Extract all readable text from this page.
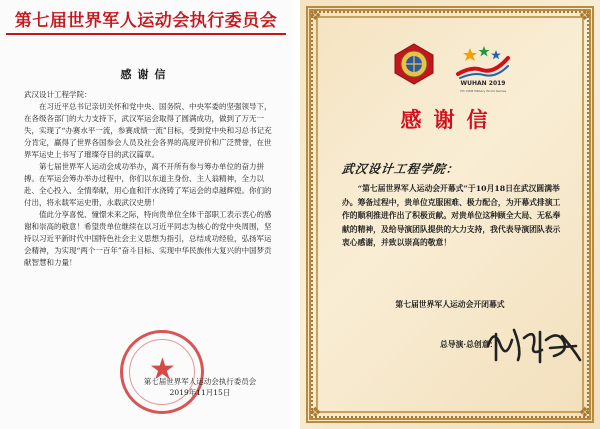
第七届世界军人运动会执行委员会
感谢信

武汉设计工程学院：

在习近平总书记亲切关怀和党中央、国务院、中央军委的坚强领导下，在各级各部门的大力支持下，武汉军运会取得了圆满成功，做到了万无一失，实现了“办赛水平一流，参赛成绩一流”目标，受到党中央和习总书记充分肯定，赢得了世界各国参会人员及社会各界的高度评价和广泛赞誉，在世界军运史上书写了璀璨夺目的武汉篇章。

第七届世界军人运动会成功举办，离不开所有参与筹办单位的奋力拼搏。在军运会筹办举办过程中，你们以东道主身份、主人翁精神，全力以赴、全心投入、全情奉献，用心血和汗水浇铸了军运会的卓越辉煌。你们的付出，将永载军运史册，永载武汉史册！

值此分享喜悦、憧憬未来之际，特向贵单位全体干部职工表示衷心的感谢和崇高的敬意！希望贵单位继续在以习近平同志为核心的党中央周围，坚持以习近平新时代中国特色社会主义思想为指引，总结成功经验，弘扬军运会精神，为实现“两个一百年”奋斗目标、实现中华民族伟大复兴的中国梦贡献智慧和力量！

★
第七届世界军人运动会执行委员会
2019年11月15日
❖	❖
❖	❖
WUHAN 2019
7th CISM Military World Games
感谢信
武汉设计工程学院：

“第七届世界军人运动会开幕式”于10月18日在武汉圆满举办。筹备过程中，贵单位克服困难、极力配合，为开幕式排演工作的顺利推进作出了积极贡献。对贵单位这种顾全大局、无私奉献的精神，及给导演团队提供的大力支持，我代表导演团队表示衷心感谢，并致以崇高的敬意！

第七届世界军人运动会开闭幕式
总导演·总创意：
